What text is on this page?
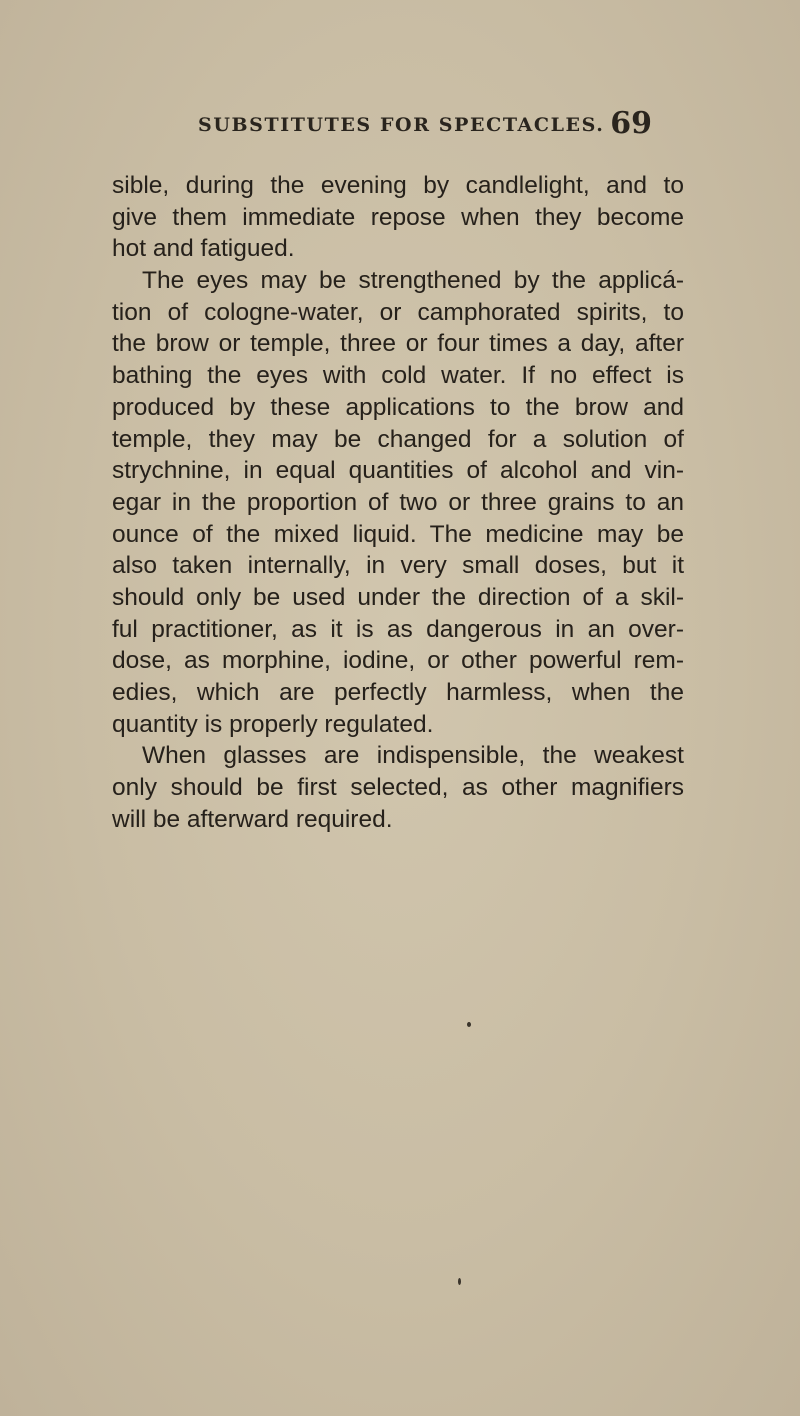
SUBSTITUTES FOR SPECTACLES. 69
sible, during the evening by candlelight, and to
give them immediate repose when they become
hot and fatigued.
The eyes may be strengthened by the applicá-
tion of cologne-water, or camphorated spirits, to
the brow or temple, three or four times a day, after
bathing the eyes with cold water. If no effect is
produced by these applications to the brow and
temple, they may be changed for a solution of
strychnine, in equal quantities of alcohol and vin-
egar in the proportion of two or three grains to an
ounce of the mixed liquid. The medicine may be
also taken internally, in very small doses, but it
should only be used under the direction of a skil-
ful practitioner, as it is as dangerous in an over-
dose, as morphine, iodine, or other powerful rem-
edies, which are perfectly harmless, when the
quantity is properly regulated.
When glasses are indispensible, the weakest
only should be first selected, as other magnifiers
will be afterward required.
